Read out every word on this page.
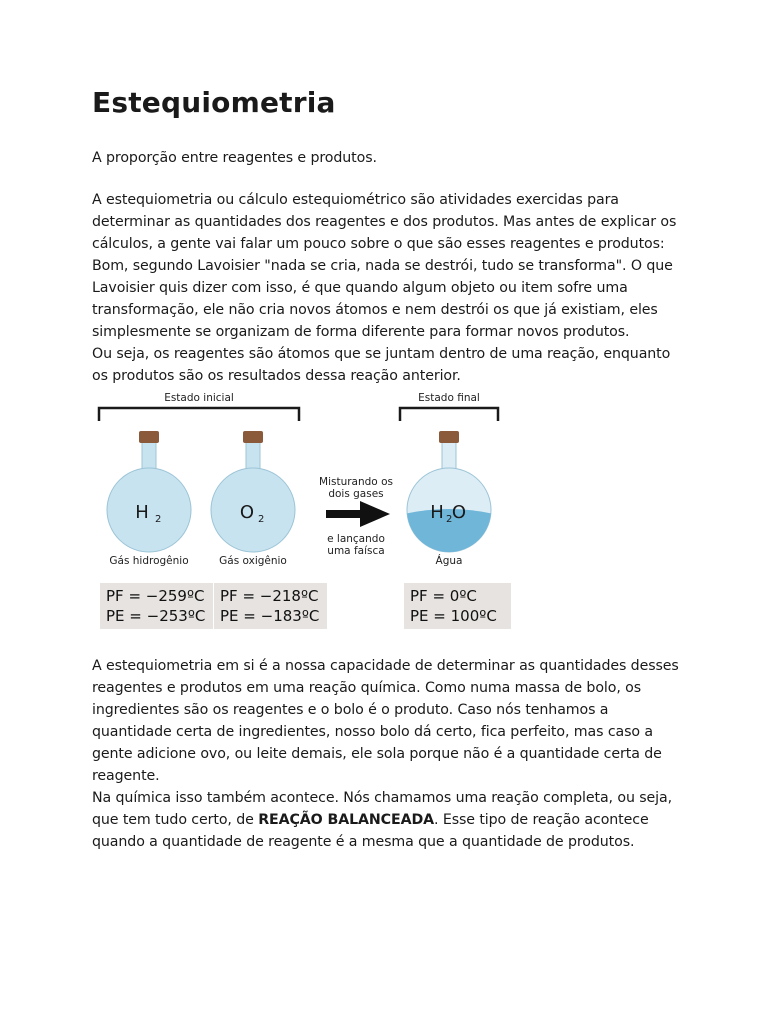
Estequiometria

A proporção entre reagentes e produtos.

A estequiometria ou cálculo estequiométrico são atividades exercidas para

determinar as quantidades dos reagentes e dos produtos. Mas antes de explicar os

cálculos, a gente vai falar um pouco sobre o que são esses reagentes e produtos:

Bom, segundo Lavoisier "nada se cria, nada se destrói, tudo se transforma". O que

Lavoisier quis dizer com isso, é que quando algum objeto ou item sofre uma

transformação, ele não cria novos átomos e nem destrói os que já existiam, eles

simplesmente se organizam de forma diferente para formar novos produtos.

Ou seja, os reagentes são átomos que se juntam dentro de uma reação, enquanto

os produtos são os resultados dessa reação anterior.

Estado inicial	Estado final
H 2
Gás hidrogênio
O 2
Gás oxigênio
Misturando os
dois gases
e lançando
uma faísca
H 2 O
Água
PF = −259ºC
PE = −253ºC
PF = −218ºC
PE = −183ºC
PF = 0ºC
PE = 100ºC

A estequiometria em si é a nossa capacidade de determinar as quantidades desses

reagentes e produtos em uma reação química. Como numa massa de bolo, os

ingredientes são os reagentes e o bolo é o produto. Caso nós tenhamos a

quantidade certa de ingredientes, nosso bolo dá certo, fica perfeito, mas caso a

gente adicione ovo, ou leite demais, ele sola porque não é a quantidade certa de

reagente.

Na química isso também acontece. Nós chamamos uma reação completa, ou seja,

que tem tudo certo, de REAÇÃO BALANCEADA. Esse tipo de reação acontece

quando a quantidade de reagente é a mesma que a quantidade de produtos.
